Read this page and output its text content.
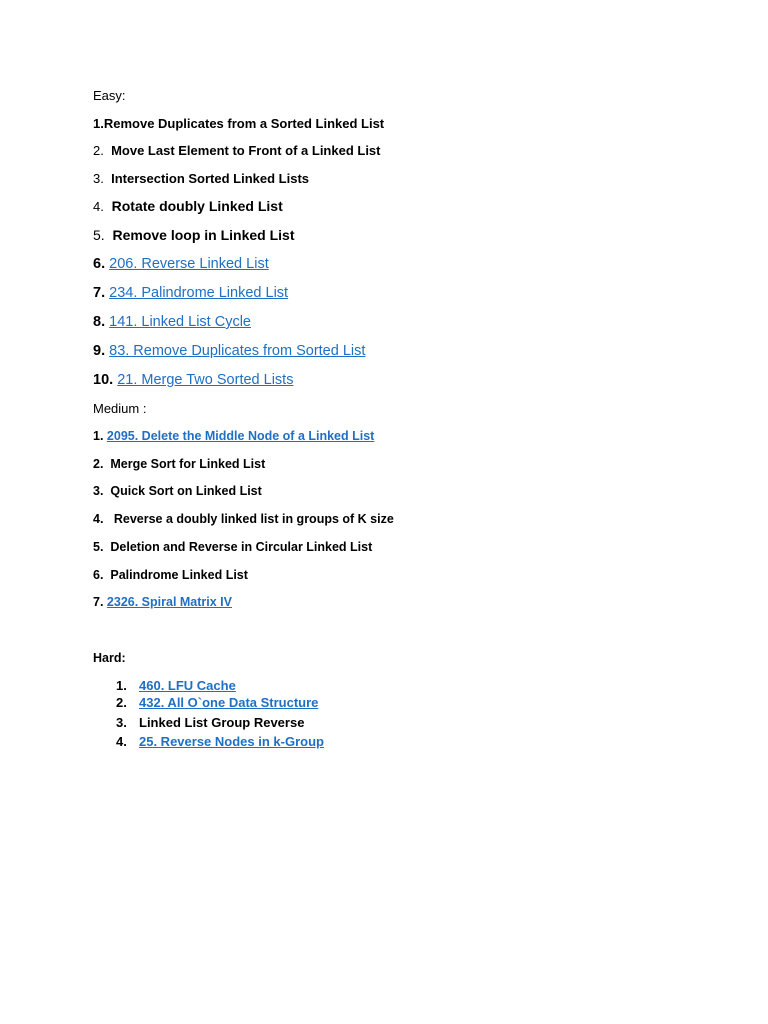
Easy:
1.Remove Duplicates from a Sorted Linked List
2. Move Last Element to Front of a Linked List
3. Intersection Sorted Linked Lists
4. Rotate doubly Linked List
5. Remove loop in Linked List
6. 206. Reverse Linked List
7. 234. Palindrome Linked List
8. 141. Linked List Cycle
9. 83. Remove Duplicates from Sorted List
10. 21. Merge Two Sorted Lists
Medium :
1. 2095. Delete the Middle Node of a Linked List
2. Merge Sort for Linked List
3. Quick Sort on Linked List
4. Reverse a doubly linked list in groups of K size
5. Deletion and Reverse in Circular Linked List
6. Palindrome Linked List
7. 2326. Spiral Matrix IV
Hard:
1. 460. LFU Cache
2. 432. All O`one Data Structure
3. Linked List Group Reverse
4. 25. Reverse Nodes in k-Group
